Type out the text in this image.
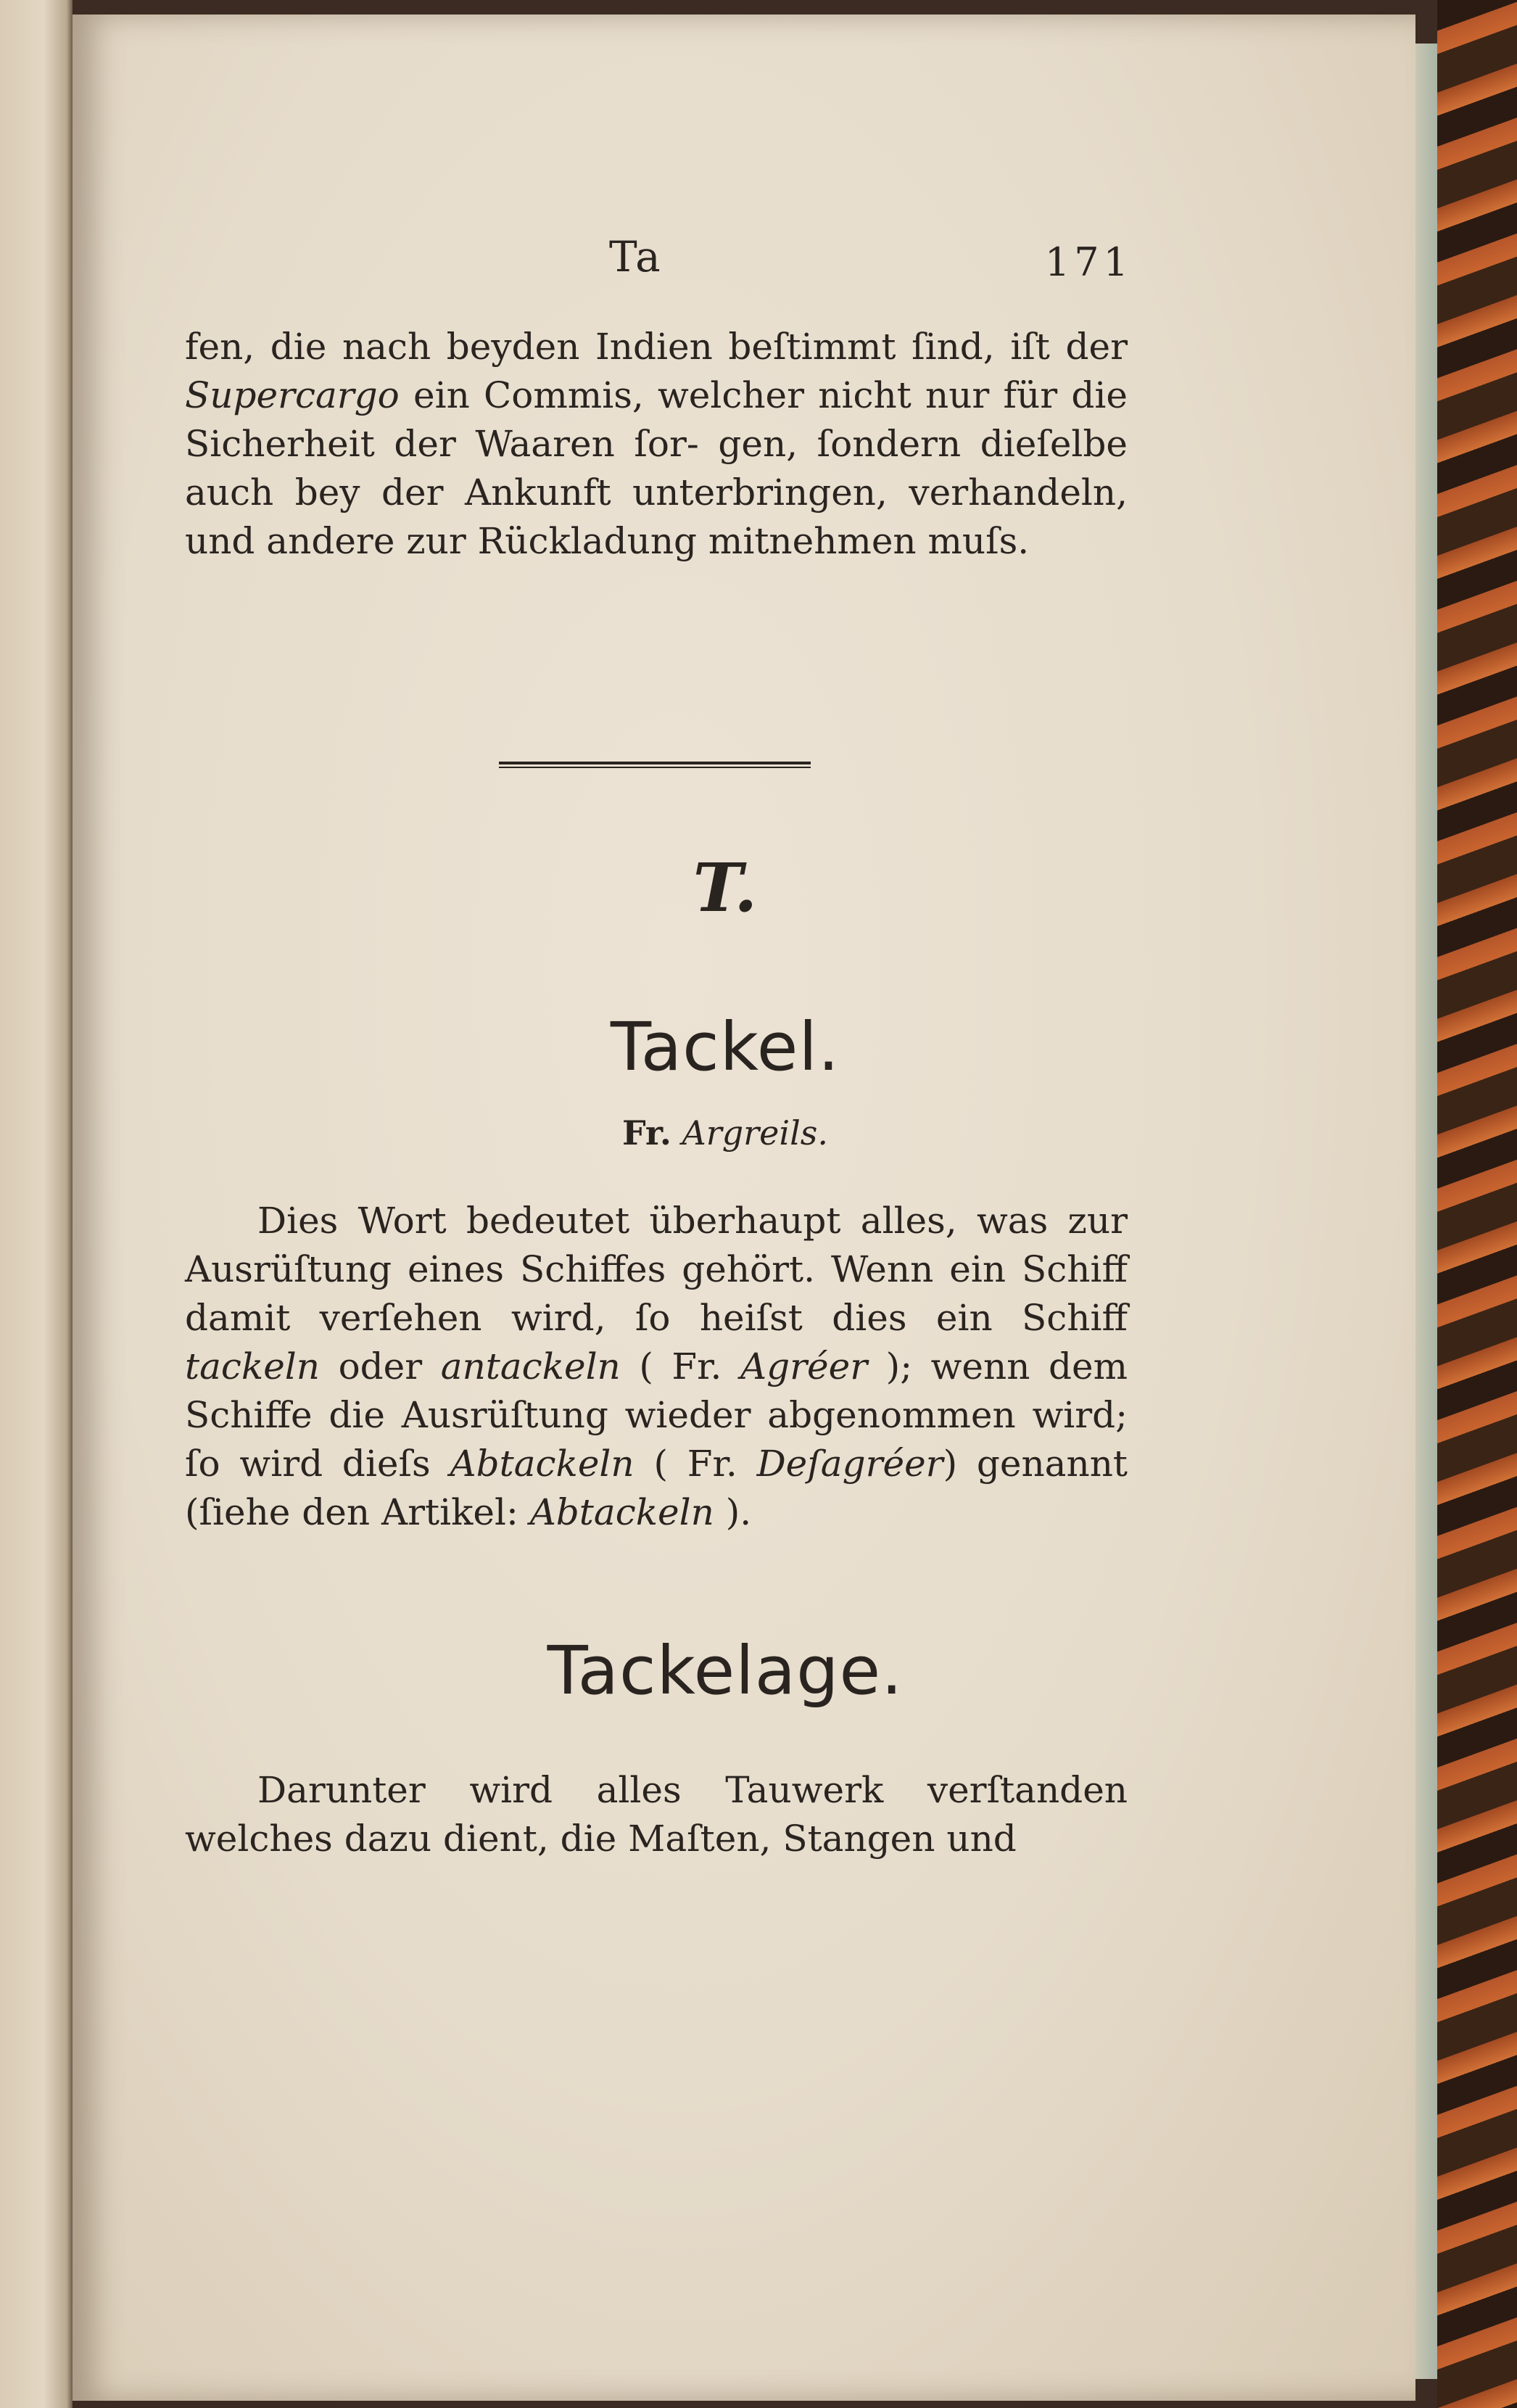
Ta	171

fen, die nach beyden Indien beſtimmt ſind, iſt der Supercargo ein Commis, welcher nicht nur für die Sicherheit der Waaren ſor- gen, ſondern dieſelbe auch bey der Ankunft unterbringen, verhandeln, und andere zur Rückladung mitnehmen muſs.

T.
Tackel.
Fr. Argreils.

Dies Wort bedeutet überhaupt alles, was zur Ausrüſtung eines Schiffes gehört. Wenn ein Schiff damit verſehen wird, ſo heiſst dies ein Schiff tackeln oder antackeln ( Fr. Agréer ); wenn dem Schiffe die Ausrüſtung wieder abgenommen wird; ſo wird dieſs Abtackeln ( Fr. Deſagréer) genannt (ſiehe den Artikel: Abtackeln ).

Tackelage.

Darunter wird alles Tauwerk verſtanden welches dazu dient, die Maſten, Stangen und
